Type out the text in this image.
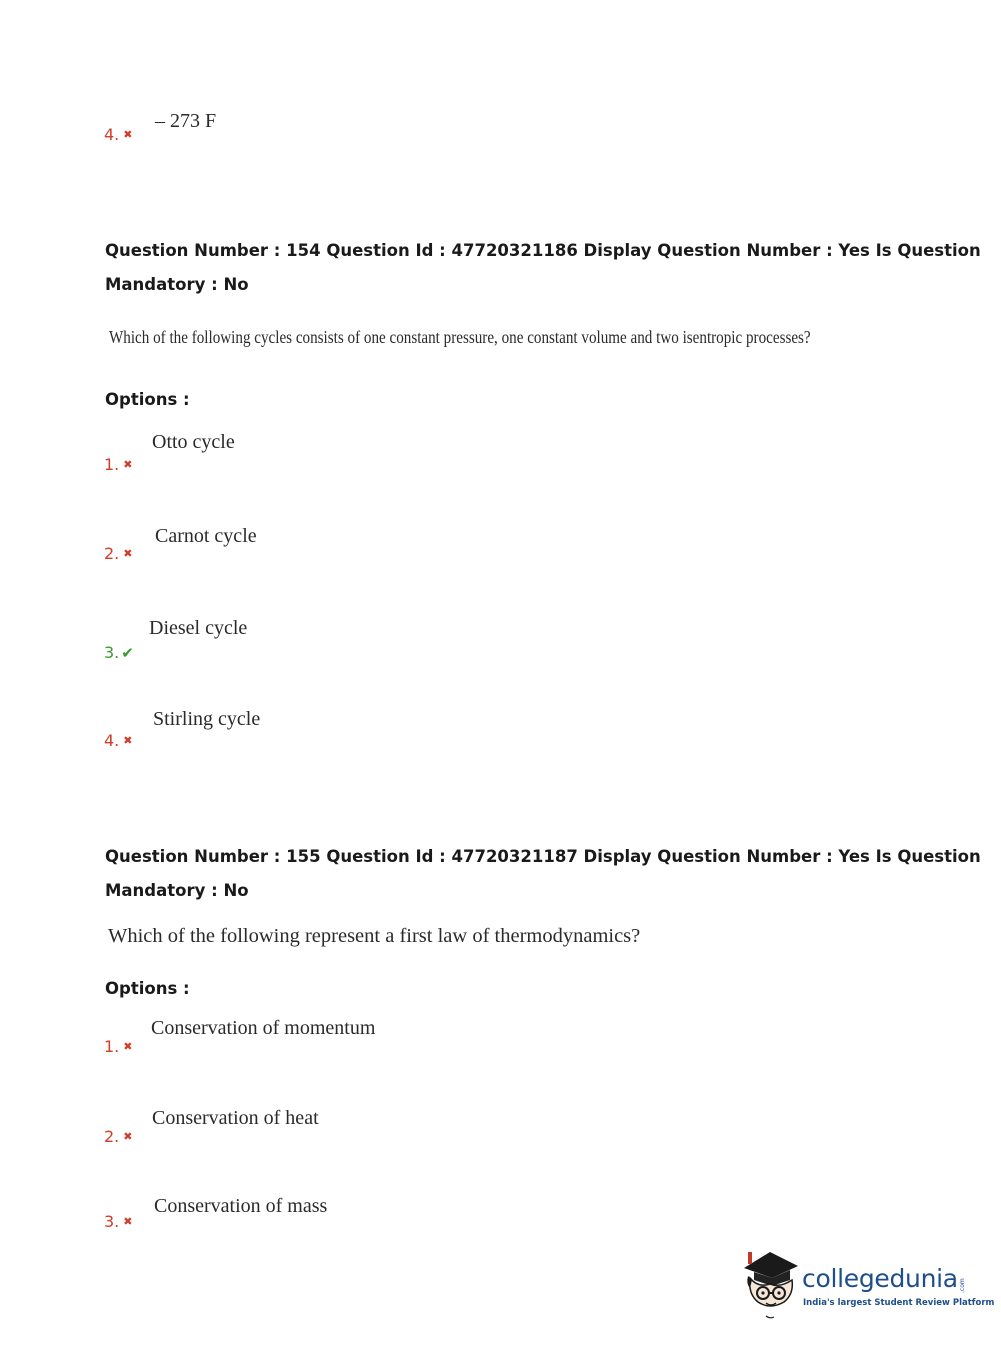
4. ✖
– 273 F
Question Number : 154 Question Id : 47720321186 Display Question Number : Yes Is Question
Mandatory : No
Which of the following cycles consists of one constant pressure, one constant volume and two isentropic processes?
Options :
1. ✖
Otto cycle
2. ✖
Carnot cycle
3. ✔
Diesel cycle
4. ✖
Stirling cycle
Question Number : 155 Question Id : 47720321187 Display Question Number : Yes Is Question
Mandatory : No
Which of the following represent a first law of thermodynamics?
Options :
1. ✖
Conservation of momentum
2. ✖
Conservation of heat
3. ✖
Conservation of mass
collegedunia .com
India's largest Student Review Platform
